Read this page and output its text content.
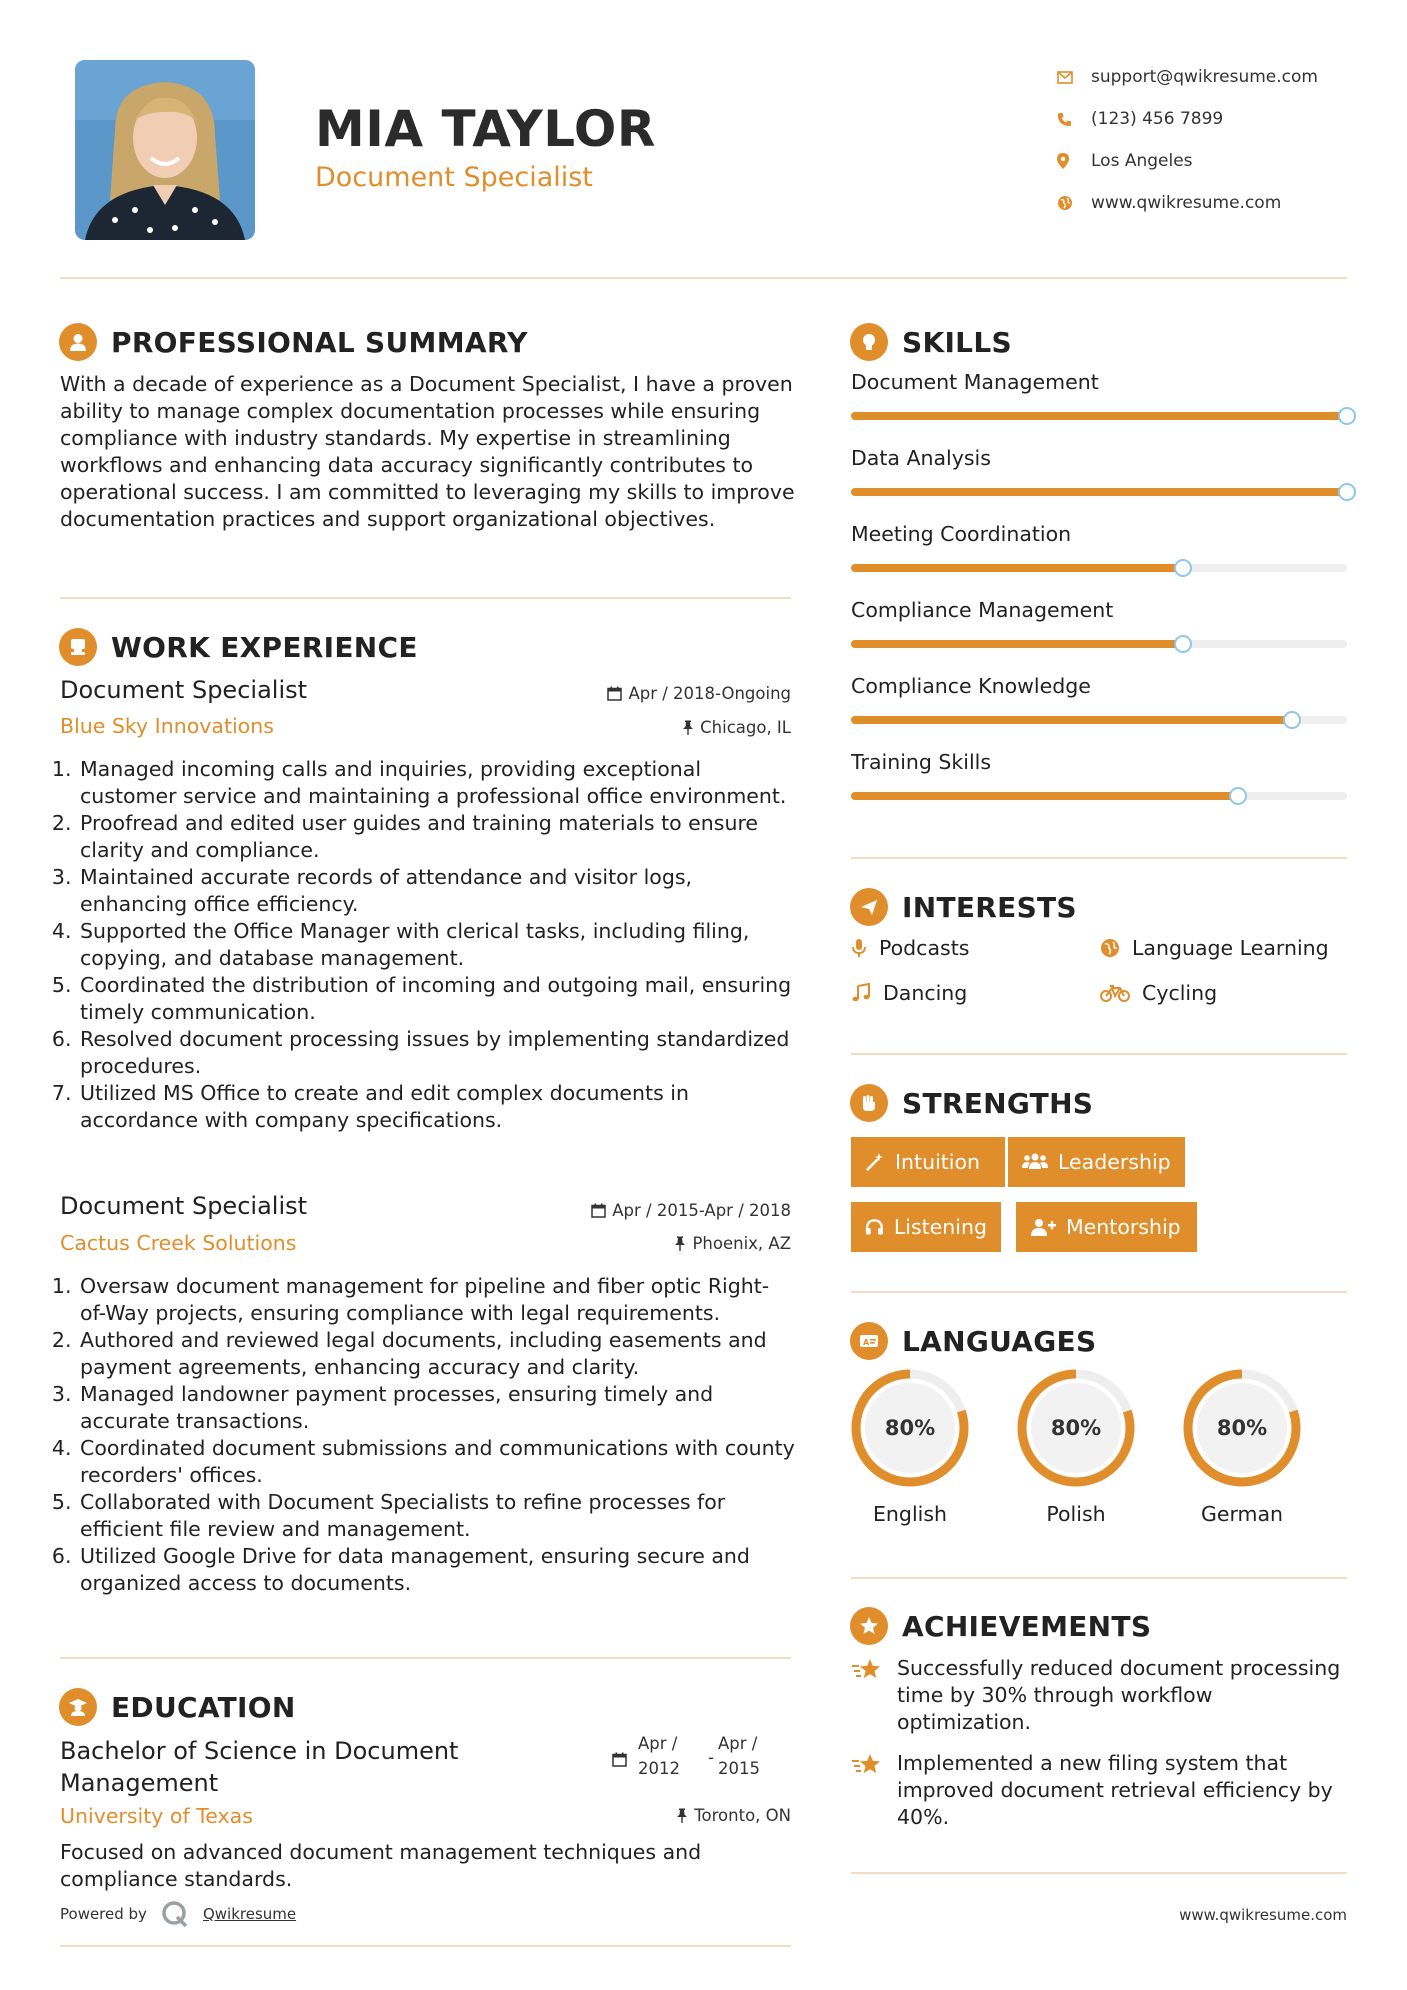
MIA TAYLOR
Document Specialist
support@qwikresume.com
(123) 456 7899
Los Angeles
www.qwikresume.com
PROFESSIONAL SUMMARY
With a decade of experience as a Document Specialist, I have a proven ability to manage complex documentation processes while ensuring compliance with industry standards. My expertise in streamlining workflows and enhancing data accuracy significantly contributes to operational success. I am committed to leveraging my skills to improve documentation practices and support organizational objectives.
WORK EXPERIENCE
Document Specialist
Blue Sky Innovations
Apr / 2018-Ongoing
Chicago, IL
1. Managed incoming calls and inquiries, providing exceptional customer service and maintaining a professional office environment.
2. Proofread and edited user guides and training materials to ensure clarity and compliance.
3. Maintained accurate records of attendance and visitor logs, enhancing office efficiency.
4. Supported the Office Manager with clerical tasks, including filing, copying, and database management.
5. Coordinated the distribution of incoming and outgoing mail, ensuring timely communication.
6. Resolved document processing issues by implementing standardized procedures.
7. Utilized MS Office to create and edit complex documents in accordance with company specifications.
Document Specialist
Cactus Creek Solutions
Apr / 2015-Apr / 2018
Phoenix, AZ
1. Oversaw document management for pipeline and fiber optic Right-of-Way projects, ensuring compliance with legal requirements.
2. Authored and reviewed legal documents, including easements and payment agreements, enhancing accuracy and clarity.
3. Managed landowner payment processes, ensuring timely and accurate transactions.
4. Coordinated document submissions and communications with county recorders' offices.
5. Collaborated with Document Specialists to refine processes for efficient file review and management.
6. Utilized Google Drive for data management, ensuring secure and organized access to documents.
EDUCATION
Bachelor of Science in Document Management
Apr /
2012
-
Apr /
2015
University of Texas	Toronto, ON
Focused on advanced document management techniques and compliance standards.
Powered by	Qwikresume
SKILLS
Document Management
Data Analysis
Meeting Coordination
Compliance Management
Compliance Knowledge
Training Skills
INTERESTS
Podcasts	Language Learning
Dancing	Cycling
STRENGTHS
Intuition	Leadership
Listening	Mentorship
A LANGUAGES
80%
English
80%
Polish
80%
German
ACHIEVEMENTS
Successfully reduced document processing time by 30% through workflow optimization.
Implemented a new filing system that improved document retrieval efficiency by 40%.
www.qwikresume.com
